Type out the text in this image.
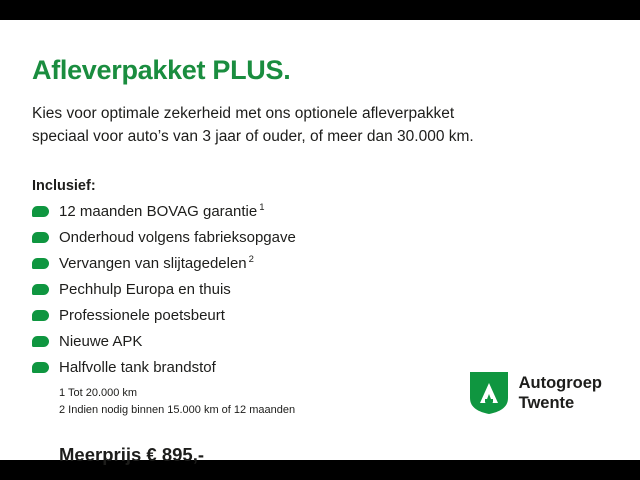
Afleverpakket PLUS.
Kies voor optimale zekerheid met ons optionele afleverpakket
speciaal voor auto’s van 3 jaar of ouder, of meer dan 30.000 km.
Inclusief:
12 maanden BOVAG garantie $^1$
Onderhoud volgens fabrieksopgave
Vervangen van slijtagedelen $^2$
Pechhulp Europa en thuis
Professionele poetsbeurt
Nieuwe APK
Halfvolle tank brandstof
1 Tot 20.000 km
2 Indien nodig binnen 15.000 km of 12 maanden
Meerprijs € 895,-
Autogroep
Twente
